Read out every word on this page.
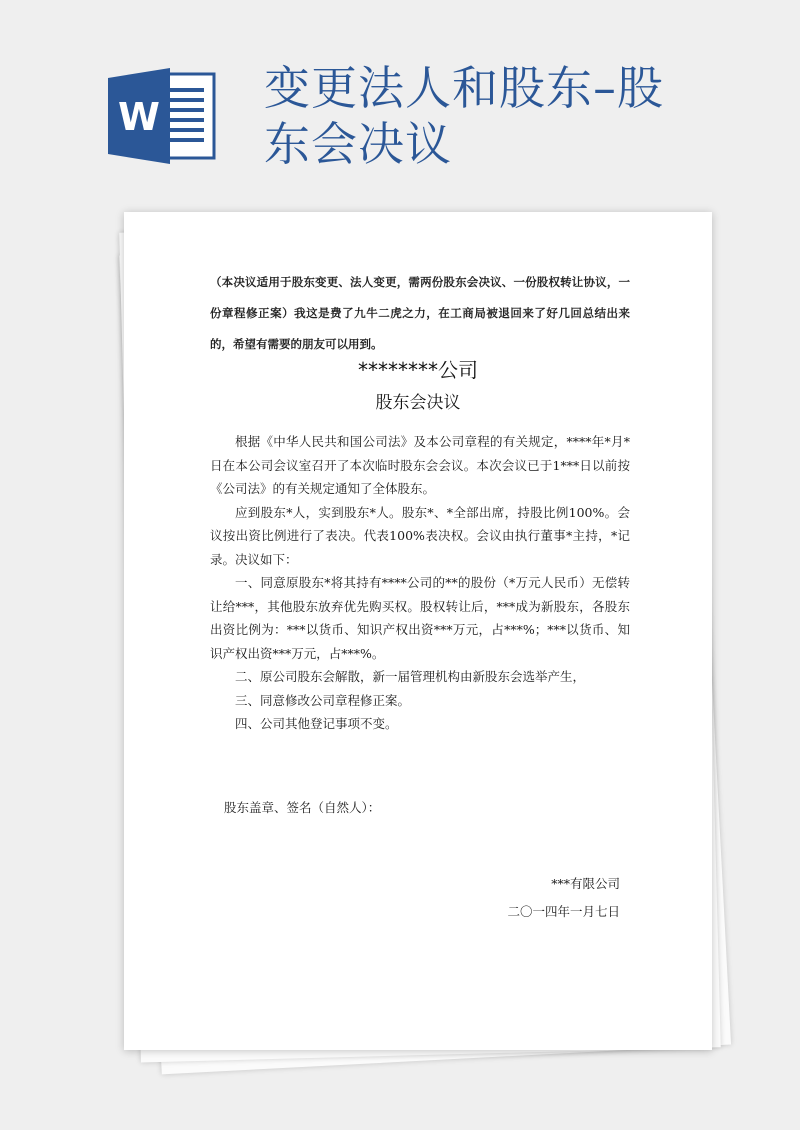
W
变更法人和股东–股东会决议
（本决议适用于股东变更、法人变更，需两份股东会决议、一份股权转让协议，一份章程修正案）我这是费了九牛二虎之力，在工商局被退回来了好几回总结出来的，希望有需要的朋友可以用到。
********公司
股东会决议

根据《中华人民共和国公司法》及本公司章程的有关规定，****年*月*日在本公司会议室召开了本次临时股东会会议。本次会议已于1***日以前按《公司法》的有关规定通知了全体股东。

应到股东*人，实到股东*人。股东*、*全部出席，持股比例100%。会议按出资比例进行了表决。代表100%表决权。会议由执行董事*主持，*记录。决议如下：

一、同意原股东*将其持有****公司的**的股份（*万元人民币）无偿转让给***，其他股东放弃优先购买权。股权转让后，***成为新股东，各股东出资比例为：***以货币、知识产权出资***万元，占***%；***以货币、知识产权出资***万元，占***%。

二、原公司股东会解散，新一届管理机构由新股东会选举产生，

三、同意修改公司章程修正案。

四、公司其他登记事项不变。

股东盖章、签名（自然人）：
***有限公司
二〇一四年一月七日
